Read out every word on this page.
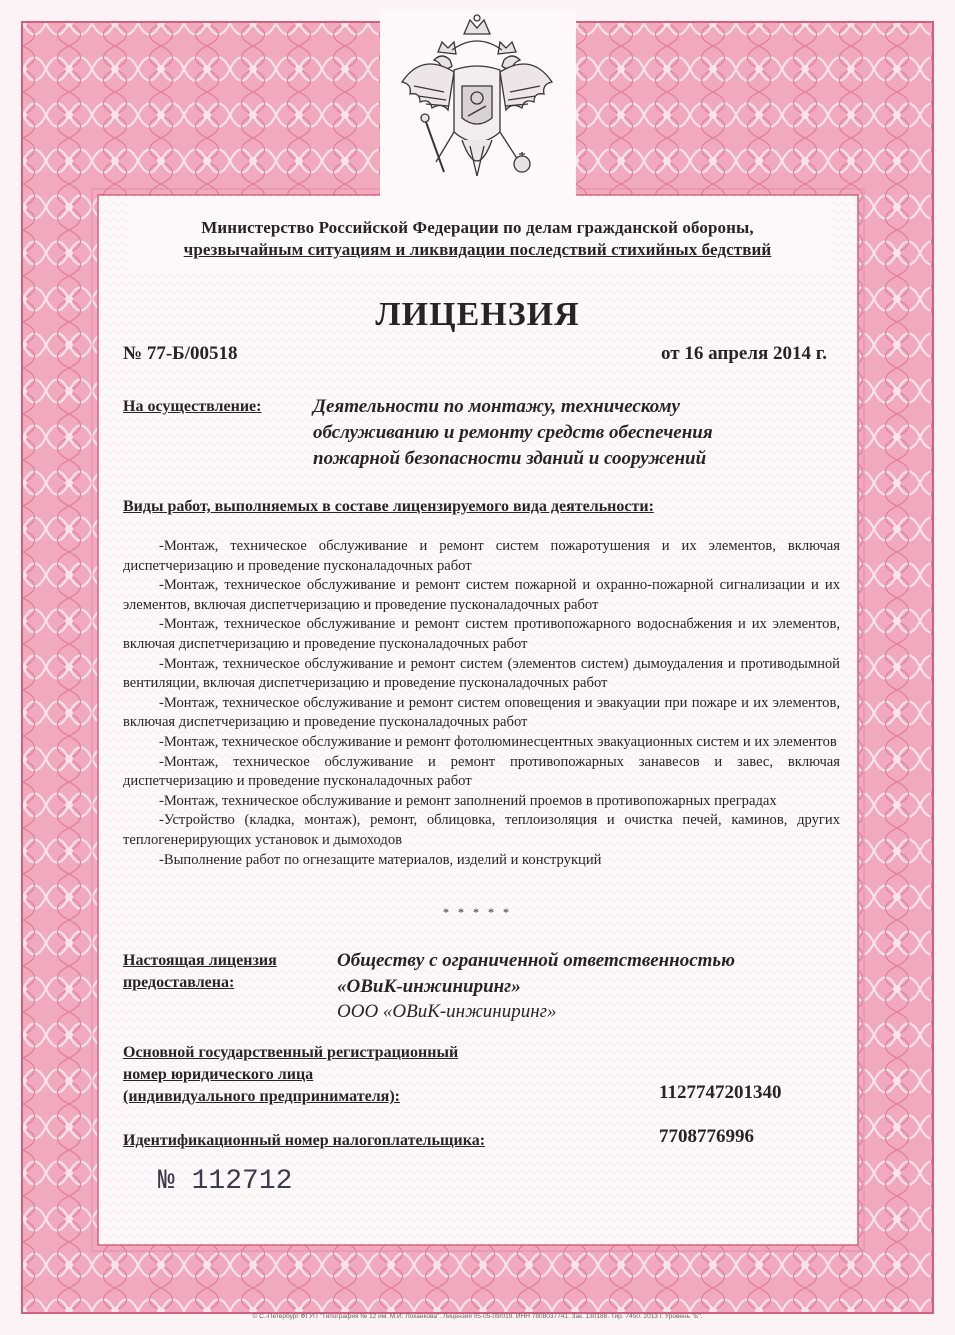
Министерство Российской Федерации по делам гражданской обороны,
чрезвычайным ситуациям и ликвидации последствий стихийных бедствий
ЛИЦЕНЗИЯ
№ 77-Б/00518	от 16 апреля 2014 г.
На осуществление:	Деятельности по монтажу, техническому
обслуживанию и ремонту средств обеспечения
пожарной безопасности зданий и сооружений
Виды работ, выполняемых в составе лицензируемого вида деятельности:

-Монтаж, техническое обслуживание и ремонт систем пожаротушения и их элементов, включая диспетчеризацию и проведение пусконаладочных работ

-Монтаж, техническое обслуживание и ремонт систем пожарной и охранно-пожарной сигнализации и их элементов, включая диспетчеризацию и проведение пусконаладочных работ

-Монтаж, техническое обслуживание и ремонт систем противопожарного водоснабжения и их элементов, включая диспетчеризацию и проведение пусконаладочных работ

-Монтаж, техническое обслуживание и ремонт систем (элементов систем) дымоудаления и противодымной вентиляции, включая диспетчеризацию и проведение пусконаладочных работ

-Монтаж, техническое обслуживание и ремонт систем оповещения и эвакуации при пожаре и их элементов, включая диспетчеризацию и проведение пусконаладочных работ

-Монтаж, техническое обслуживание и ремонт фотолюминесцентных эвакуационных систем и их элементов

-Монтаж, техническое обслуживание и ремонт противопожарных занавесов и завес, включая диспетчеризацию и проведение пусконаладочных работ

-Монтаж, техническое обслуживание и ремонт заполнений проемов в противопожарных преградах

-Устройство (кладка, монтаж), ремонт, облицовка, теплоизоляция и очистка печей, каминов, других теплогенерирующих установок и дымоходов

-Выполнение работ по огнезащите материалов, изделий и конструкций

* * * * *
Настоящая лицензия
предоставлена:
Обществу с ограниченной ответственностью
«ОВиК-инжиниринг»
ООО «ОВиК-инжиниринг»
Основной государственный регистрационный
номер юридического лица
(индивидуального предпринимателя):	1127747201340
Идентификационный номер налогоплательщика:	7708776996
№ 112712
© С.-Петербург ФГУП "Типография № 12 им. М.И. Лоханкова". Лицензия 05-05-09/019. ИНН 7808037741. Зак. 130188. Тир. 7450. 2013 г. Уровень "Б".
